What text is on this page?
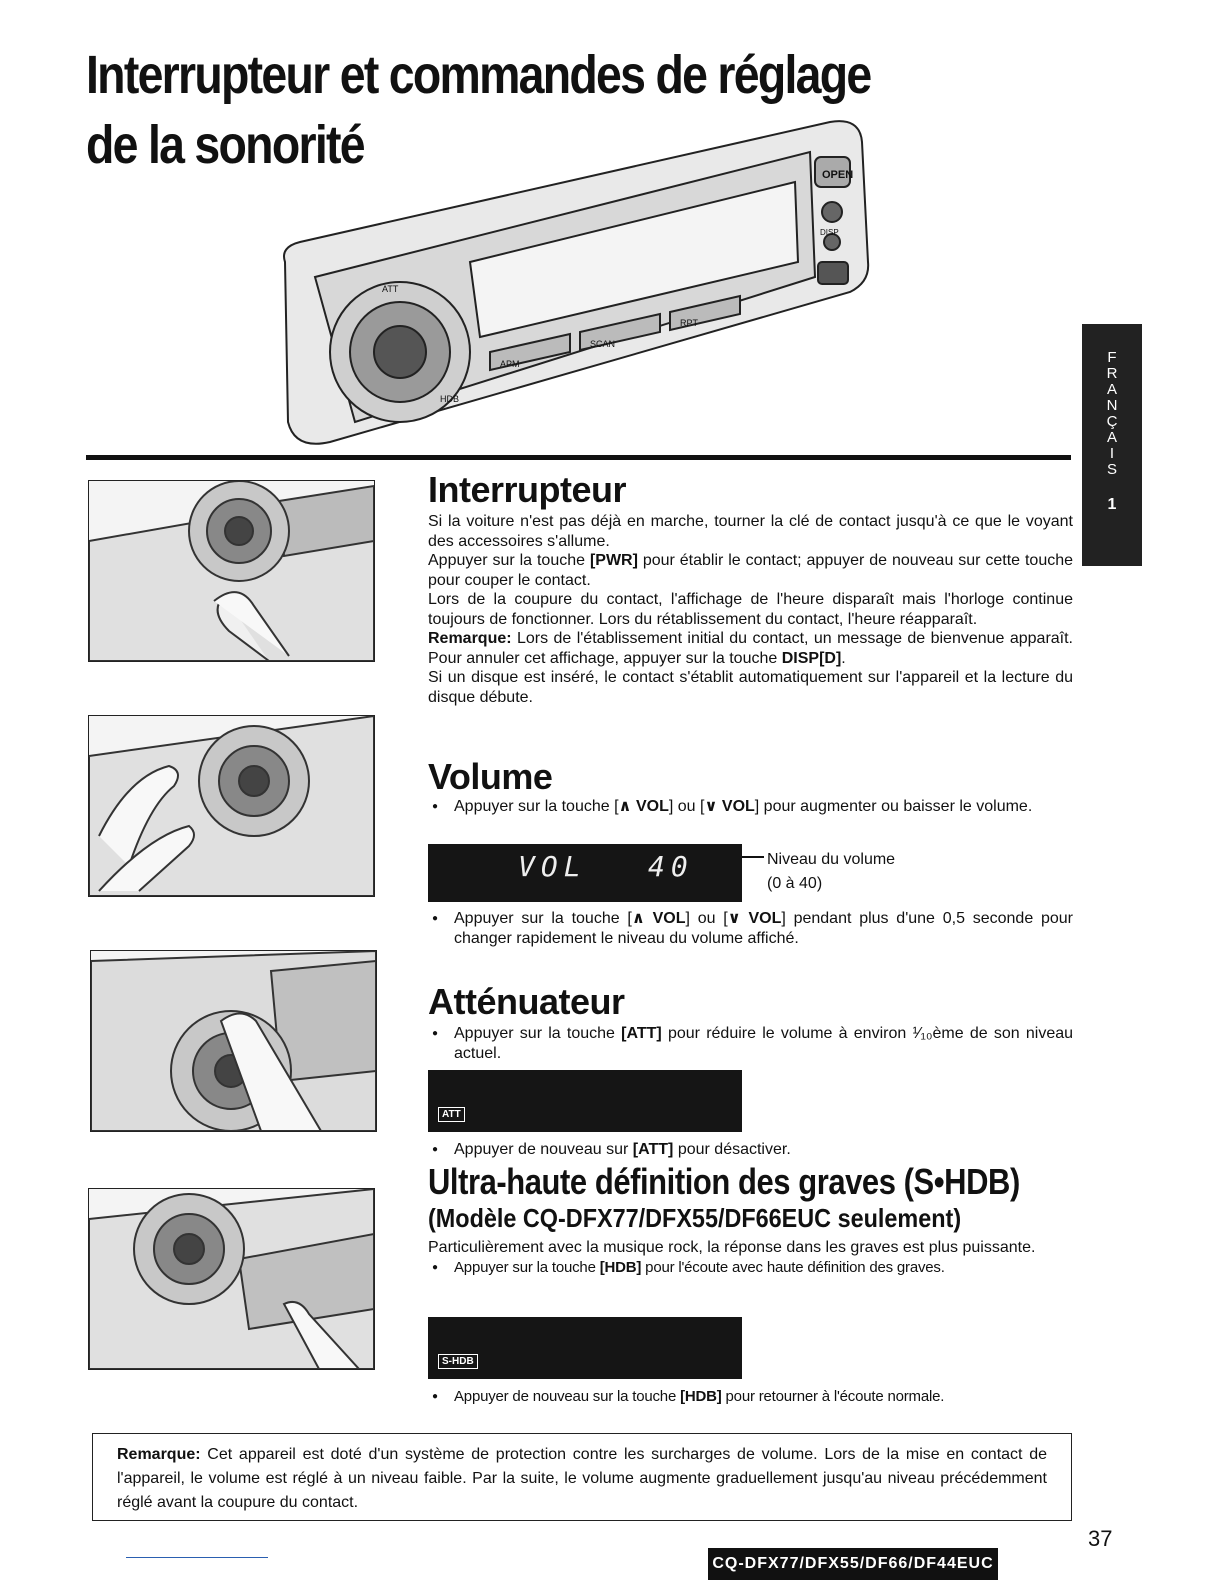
Interrupteur et commandes de réglage de la sonorité	OPEN
ATT
DISP
HDB
APM
SCAN
RPT
FRANÇAIS
1
Interrupteur

Si la voiture n'est pas déjà en marche, tourner la clé de contact jusqu'à ce que le voyant des accessoires s'allume.

Appuyer sur la touche [PWR] pour établir le contact; appuyer de nouveau sur cette touche pour couper le contact.

Lors de la coupure du contact, l'affichage de l'heure disparaît mais l'horloge continue toujours de fonctionner. Lors du rétablissement du contact, l'heure réapparaît.

Remarque: Lors de l'établissement initial du contact, un message de bienvenue apparaît. Pour annuler cet affichage, appuyer sur la touche DISP[D].

Si un disque est inséré, le contact s'établit automatiquement sur l'appareil et la lecture du disque débute.

Volume
● Appuyer sur la touche [∧ VOL] ou [∨ VOL] pour augmenter ou baisser le volume.
VOL 40	Niveau du volume
(0 à 40)
● Appuyer sur la touche [∧ VOL] ou [∨ VOL] pendant plus d'une 0,5 seconde pour changer rapidement le niveau du volume affiché.
Atténuateur
● Appuyer sur la touche [ATT] pour réduire le volume à environ ¹⁄₁₀ème de son niveau actuel.
ATT
● Appuyer de nouveau sur [ATT] pour désactiver.
Ultra-haute définition des graves (S•HDB)
(Modèle CQ-DFX77/DFX55/DF66EUC seulement)

Particulièrement avec la musique rock, la réponse dans les graves est plus puissante.

● Appuyer sur la touche [HDB] pour l'écoute avec haute définition des graves.
S-HDB
● Appuyer de nouveau sur la touche [HDB] pour retourner à l'écoute normale.
Remarque: Cet appareil est doté d'un système de protection contre les surcharges de volume. Lors de la mise en contact de l'appareil, le volume est réglé à un niveau faible. Par la suite, le volume augmente graduellement jusqu'au niveau précédemment réglé avant la coupure du contact.
CQ-DFX77/DFX55/DF66/DF44EUC
37
